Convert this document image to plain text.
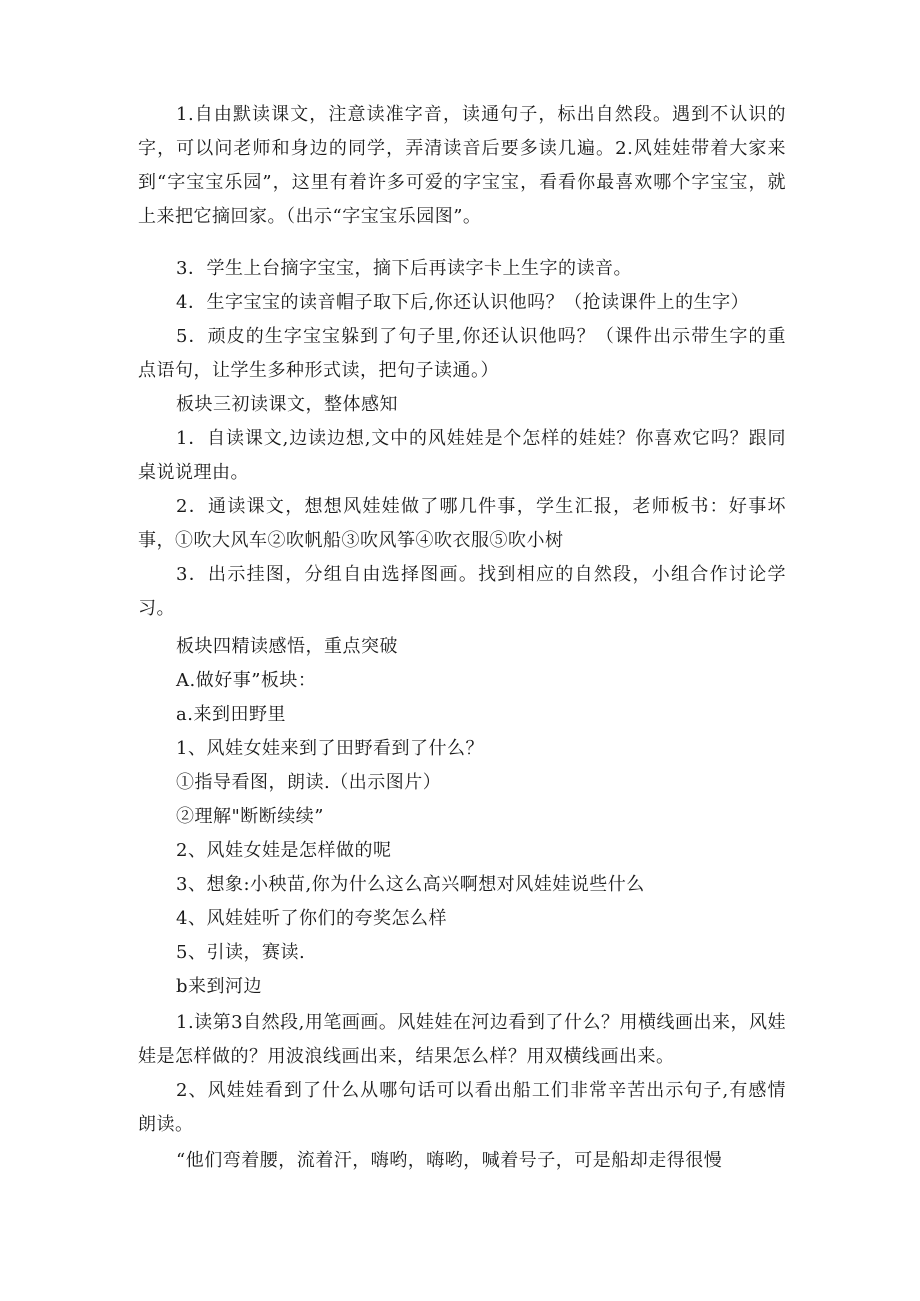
1.自由默读课文，注意读准字音，读通句子，标出自然段。遇到不认识的字，可以问老师和身边的同学，弄清读音后要多读几遍。2.风娃娃带着大家来到“字宝宝乐园”，这里有着许多可爱的字宝宝，看看你最喜欢哪个字宝宝，就上来把它摘回家。（出示“字宝宝乐园图”。

3．学生上台摘字宝宝，摘下后再读字卡上生字的读音。

4．生字宝宝的读音帽子取下后,你还认识他吗？（抢读课件上的生字）

5．顽皮的生字宝宝躲到了句子里,你还认识他吗？（课件出示带生字的重点语句，让学生多种形式读，把句子读通。）

板块三初读课文，整体感知

1．自读课文,边读边想,文中的风娃娃是个怎样的娃娃？你喜欢它吗？跟同桌说说理由。

2．通读课文，想想风娃娃做了哪几件事，学生汇报，老师板书：好事坏事，①吹大风车②吹帆船③吹风筝④吹衣服⑤吹小树

3．出示挂图，分组自由选择图画。找到相应的自然段，小组合作讨论学习。

板块四精读感悟，重点突破
A.做好事”板块：
a.来到田野里
1、风娃女娃来到了田野看到了什么？
①指导看图，朗读.（出示图片）
②理解"断断续续”
2、风娃女娃是怎样做的呢
3、想象:小秧苗,你为什么这么高兴啊想对风娃娃说些什么
4、风娃娃听了你们的夸奖怎么样
5、引读，赛读.
b来到河边

1.读第3自然段,用笔画画。风娃娃在河边看到了什么？用横线画出来，风娃娃是怎样做的？用波浪线画出来，结果怎么样？用双横线画出来。

2、风娃娃看到了什么从哪句话可以看出船工们非常辛苦出示句子,有感情朗读。

“他们弯着腰，流着汗，嗨哟，嗨哟，喊着号子，可是船却走得很慢
